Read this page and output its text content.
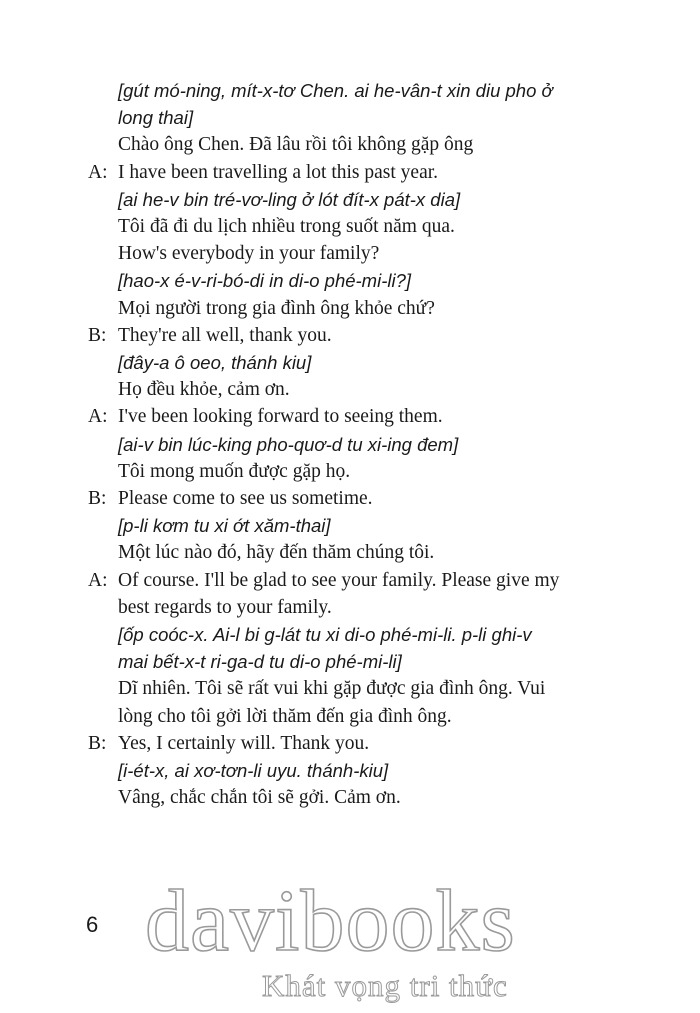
[gút mó-ning, mít-x-tơ Chen. ai he-vân-t xin diu pho ở
long thai]
Chào ông Chen. Đã lâu rồi tôi không gặp ông
A: I have been travelling a lot this past year.
[ai he-v bin tré-vơ-ling ở lót đít-x pát-x dia]
Tôi đã đi du lịch nhiều trong suốt năm qua.
How's everybody in your family?
[hao-x é-v-ri-bó-di in di-o phé-mi-li?]
Mọi người trong gia đình ông khỏe chứ?
B: They're all well, thank you.
[đây-a ô oeo, thánh kiu]
Họ đều khỏe, cảm ơn.
A: I've been looking forward to seeing them.
[ai-v bin lúc-king pho-quơ-d tu xi-ing đem]
Tôi mong muốn được gặp họ.
B: Please come to see us sometime.
[p-li kơm tu xi ớt xăm-thai]
Một lúc nào đó, hãy đến thăm chúng tôi.
A: Of course. I'll be glad to see your family. Please give my
best regards to your family.
[ốp coóc-x. Ai-l bi g-lát tu xi di-o phé-mi-li. p-li ghi-v
mai bết-x-t ri-ga-d tu di-o phé-mi-li]
Dĩ nhiên. Tôi sẽ rất vui khi gặp được gia đình ông. Vui
lòng cho tôi gởi lời thăm đến gia đình ông.
B: Yes, I certainly will. Thank you.
[i-ét-x, ai xơ-tơn-li uyu. thánh-kiu]
Vâng, chắc chắn tôi sẽ gởi. Cảm ơn.
6 davibooks
Khát vọng tri thức
